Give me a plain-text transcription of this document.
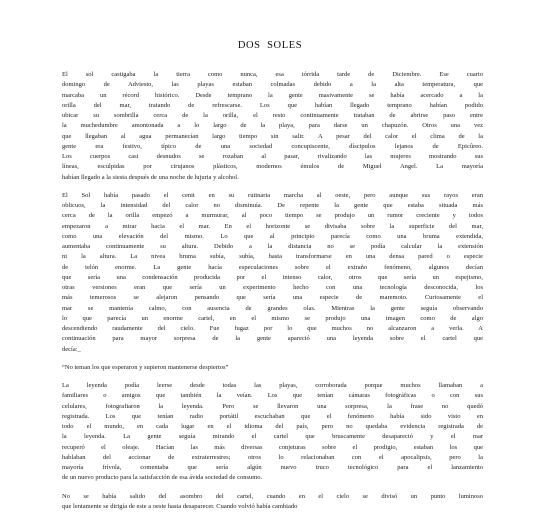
DOS  SOLES
El sol castigaba la tierra como nunca, esa tórrida tarde de Diciembre. Ese cuarto
domingo de Adviesto, las playas estaban colmadas debido a la alta temperatura, que
marcaba un récord histórico. Desde temprano la gente masivamente se había acercado a la
orilla del mar, tratando de refrescarse. Los que habían llegado temprano habían podido
ubicar su sombrilla cerca de la orilla, el resto continuamente trataban de abrirse paso entre
la muchedumbre amontonada a lo largo de la playa, para darse un chapuzón. Otros una vez
que llegaban al agua permanecían largo tiempo sin salir. A pesar del calor el clima de la
gente era festivo, típico de una sociedad concupiscente, díscipulos lejanos de Epicûreo.
Los cuerpos casi desnudos se rozaban al pasar, rivalizando las mujeres mostrando sus
líneas, esculpidas por cirujanos plásticos, modernos émulos de Miguel Angel. La mayoría
habían llegado a la siesta después de una noche de lujuria y alcohol.
El Sol había pasado el cenit en su rutinaria marcha al oeste, pero aunque sus rayos eran
oblicuos, la intensidad del calor no disminuía. De repente la gente que estaba situada más
cerca de la orilla empezó a murmurar, al poco tiempo se produjo un rumor creciente y todos
empezaron a mirar hacia el mar. En el horizonte se divisaba sobre la superficie del mar,
como una elevación del mismo. Lo que al principio parecía como una bruma extendida,
aumentaba continuamente su altura. Debido a la distancia no se podía calcular la extensión
ni la altura. La nivea bruma subía, subía, hasta transformarse en una densa pared o especie
de telón enorme. La gente hacía especulaciones sobre el extraño fenómeno, algunos decían
que sería una condensación producida por el intenso calor, otros que sería un espejismo,
otras versiones eran que sería un experimento hecho con una tecnología desconocida, los
más temerosos se alejaron pensando que sería una especie de maremoto. Curiosamente el
mar se mantenía calmo, con ausencia de grandes olas. Mientras la gente seguía observando
lo que parecía un enorme cartel, en el mismo se produjo una imagen como de algo
descendiendo raudamente del cielo. Fue fugaz por lo que muchos no alcanzaron a verla. A
continuación para mayor sorpresa de la gente apareció una leyenda sobre el cartel que
decía:_
“No teman los que esperaron y supieron mantenerse despiertos”
La leyenda podía leerse desde todas las playas, corroborada porque muchos llamaban a
familiares o amigos que también la veían. Los que tenían cámaras fotográficas o con sus
celulares, fotografiaron la leyenda. Pero se llevaron una sorpresa, la frase no quedó
registrada. Los que tenían radio portátil escuchaban que el fenómeno había sido visto en
todo el mundo, en cada lugar en el idioma del país, pero no quedaba evidencia registrada de
la leyenda. La gente seguía mirando el cartel que bruscamente desapareció y el mar
recuperó el oleaje. Hacían las más diversas conjeturas sobre el prodigio, estaban los que
hablaban del accionar de extraterrestres; otros lo relacionaban con el apocalipsis, pero la
mayoría frívola, comentaba que sería algún nuevo truco tecnológico para el lanzamiento
de un nuevo producto para la satisfacción de esa ávida sociedad de consumo.
No se había salido del asombro del cartel, cuando en el cielo se divisó un punto luminoso
que lentamente se dirigía de este a oeste hasta desaparecer. Cuando volvió había cambiado
